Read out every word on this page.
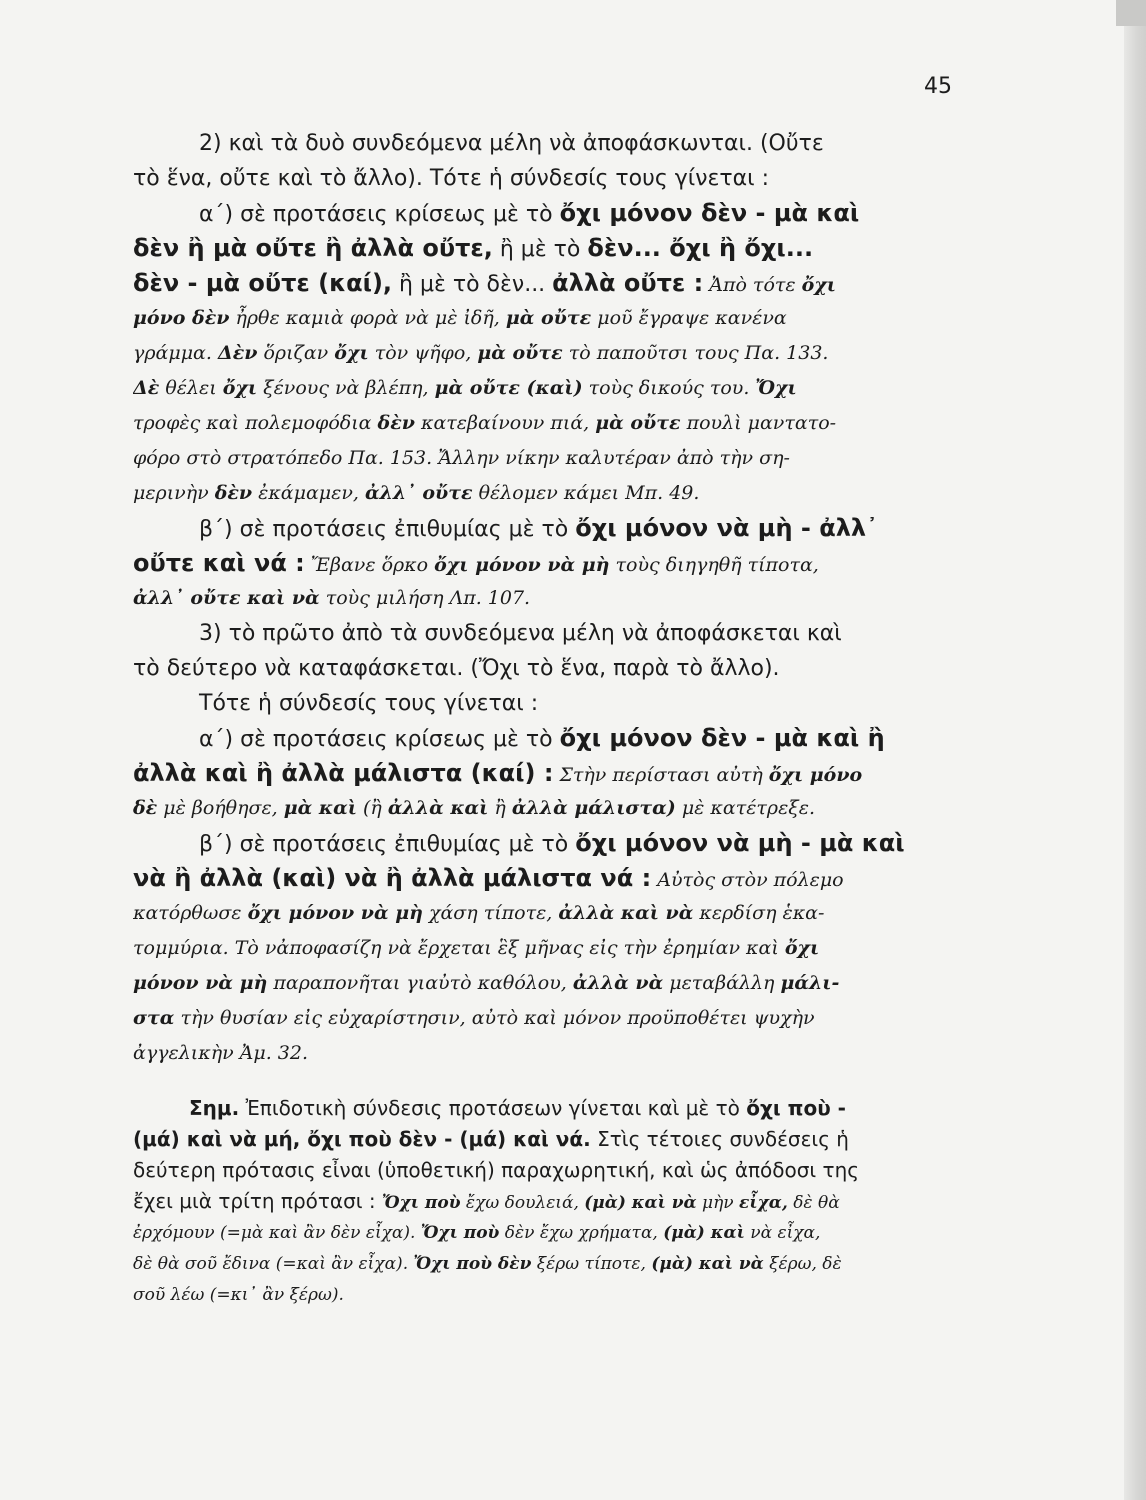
45
2) καὶ τὰ δυὸ συνδεόμενα μέλη νὰ ἀποφάσκωνται. (Οὔτε
τὸ ἕνα, οὔτε καὶ τὸ ἄλλο). Τότε ἡ σύνδεσίς τους γίνεται :
α΄) σὲ προτάσεις κρίσεως μὲ τὸ ὄχι μόνον δὲν - μὰ καὶ
δὲν ἢ μὰ οὔτε ἢ ἀλλὰ οὔτε, ἢ μὲ τὸ δὲν... ὄχι ἢ ὄχι...
δὲν - μὰ οὔτε (καί), ἢ μὲ τὸ δὲν... ἀλλὰ οὔτε : Ἀπὸ τότε ὄχι
μόνο δὲν ἦρθε καμιὰ φορὰ νὰ μὲ ἰδῆ, μὰ οὔτε μοῦ ἔγραψε κανένα
γράμμα. Δὲν ὅριζαν ὄχι τὸν ψῆφο, μὰ οὔτε τὸ παποῦτσι τους Πα. 133.
Δὲ θέλει ὄχι ξένους νὰ βλέπη, μὰ οὔτε (καὶ) τοὺς δικούς του. Ὄχι
τροφὲς καὶ πολεμοφόδια δὲν κατεβαίνουν πιά, μὰ οὔτε πουλὶ μαντατο-
φόρο στὸ στρατόπεδο Πα. 153. Ἄλλην νίκην καλυτέραν ἀπὸ τὴν ση-
μερινὴν δὲν ἐκάμαμεν, ἀλλ᾿ οὔτε θέλομεν κάμει Μπ. 49.
β΄) σὲ προτάσεις ἐπιθυμίας μὲ τὸ ὄχι μόνον νὰ μὴ - ἀλλ᾿
οὔτε καὶ νά : Ἔβανε ὅρκο ὄχι μόνον νὰ μὴ τοὺς διηγηθῆ τίποτα,
ἀλλ᾿ οὔτε καὶ νὰ τοὺς μιλήση Λπ. 107.
3) τὸ πρῶτο ἀπὸ τὰ συνδεόμενα μέλη νὰ ἀποφάσκεται καὶ
τὸ δεύτερο νὰ καταφάσκεται. (Ὄχι τὸ ἕνα, παρὰ τὸ ἄλλο).
Τότε ἡ σύνδεσίς τους γίνεται :
α΄) σὲ προτάσεις κρίσεως μὲ τὸ ὄχι μόνον δὲν - μὰ καὶ ἢ
ἀλλὰ καὶ ἢ ἀλλὰ μάλιστα (καί) : Στὴν περίστασι αὐτὴ ὄχι μόνο
δὲ μὲ βοήθησε, μὰ καὶ (ἢ ἀλλὰ καὶ ἢ ἀλλὰ μάλιστα) μὲ κατέτρεξε.
β΄) σὲ προτάσεις ἐπιθυμίας μὲ τὸ ὄχι μόνον νὰ μὴ - μὰ καὶ
νὰ ἢ ἀλλὰ (καὶ) νὰ ἢ ἀλλὰ μάλιστα νά : Αὐτὸς στὸν πόλεμο
κατόρθωσε ὄχι μόνον νὰ μὴ χάση τίποτε, ἀλλὰ καὶ νὰ κερδίση ἑκα-
τομμύρια. Τὸ νἀποφασίζη νὰ ἔρχεται ἓξ μῆνας εἰς τὴν ἐρημίαν καὶ ὄχι
μόνον νὰ μὴ παραπονῆται γιαὐτὸ καθόλου, ἀλλὰ νὰ μεταβάλλη μάλι-
στα τὴν θυσίαν εἰς εὐχαρίστησιν, αὐτὸ καὶ μόνον προϋποθέτει ψυχὴν
ἀγγελικὴν Ἀμ. 32.
Σημ. Ἐπιδοτικὴ σύνδεσις προτάσεων γίνεται καὶ μὲ τὸ ὄχι ποὺ -
(μά) καὶ νὰ μή, ὄχι ποὺ δὲν - (μά) καὶ νά. Στὶς τέτοιες συνδέσεις ἡ
δεύτερη πρότασις εἶναι (ὑποθετική) παραχωρητική, καὶ ὡς ἀπόδοσι της
ἔχει μιὰ τρίτη πρότασι : Ὄχι ποὺ ἔχω δουλειά, (μὰ) καὶ νὰ μὴν εἶχα, δὲ θὰ
ἐρχόμουν (=μὰ καὶ ἂν δὲν εἶχα). Ὄχι ποὺ δὲν ἔχω χρήματα, (μὰ) καὶ νὰ εἶχα,
δὲ θὰ σοῦ ἔδινα (=καὶ ἂν εἶχα). Ὄχι ποὺ δὲν ξέρω τίποτε, (μὰ) καὶ νὰ ξέρω, δὲ
σοῦ λέω (=κι᾿ ἂν ξέρω).
